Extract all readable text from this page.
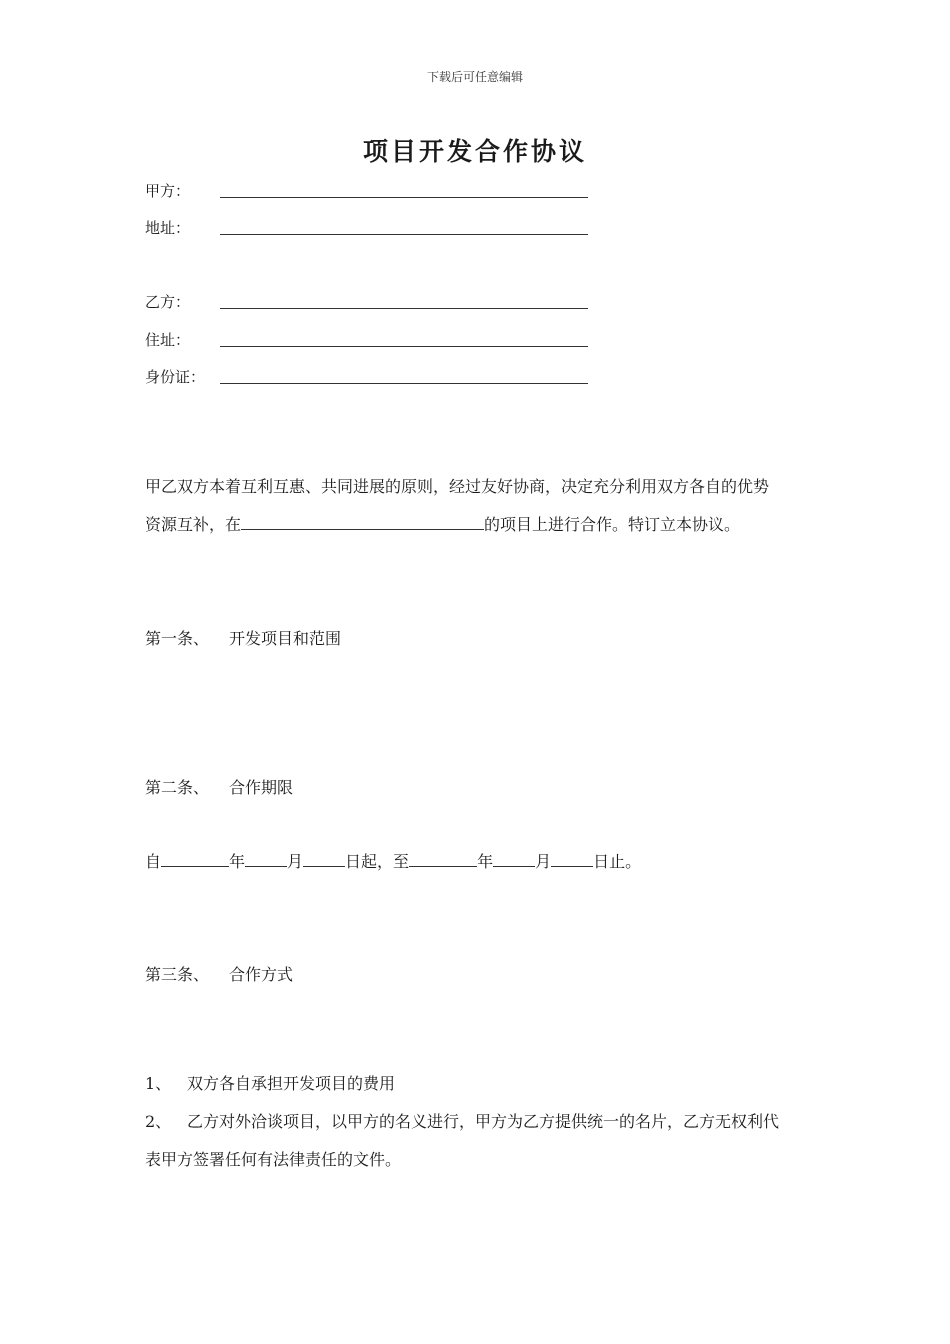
下载后可任意编辑
项目开发合作协议
甲方：
地址：
乙方：
住址：
身份证：
甲乙双方本着互利互惠、共同进展的原则，经过友好协商，决定充分利用双方各自的优势
资源互补，在	的项目上进行合作。特订立本协议。
第一条、 开发项目和范围
第二条、 合作期限
自	年	月	日起，至	年	月	日止。
第三条、 合作方式
1、 双方各自承担开发项目的费用
2、 乙方对外洽谈项目，以甲方的名义进行，甲方为乙方提供统一的名片，乙方无权利代
表甲方签署任何有法律责任的文件。
